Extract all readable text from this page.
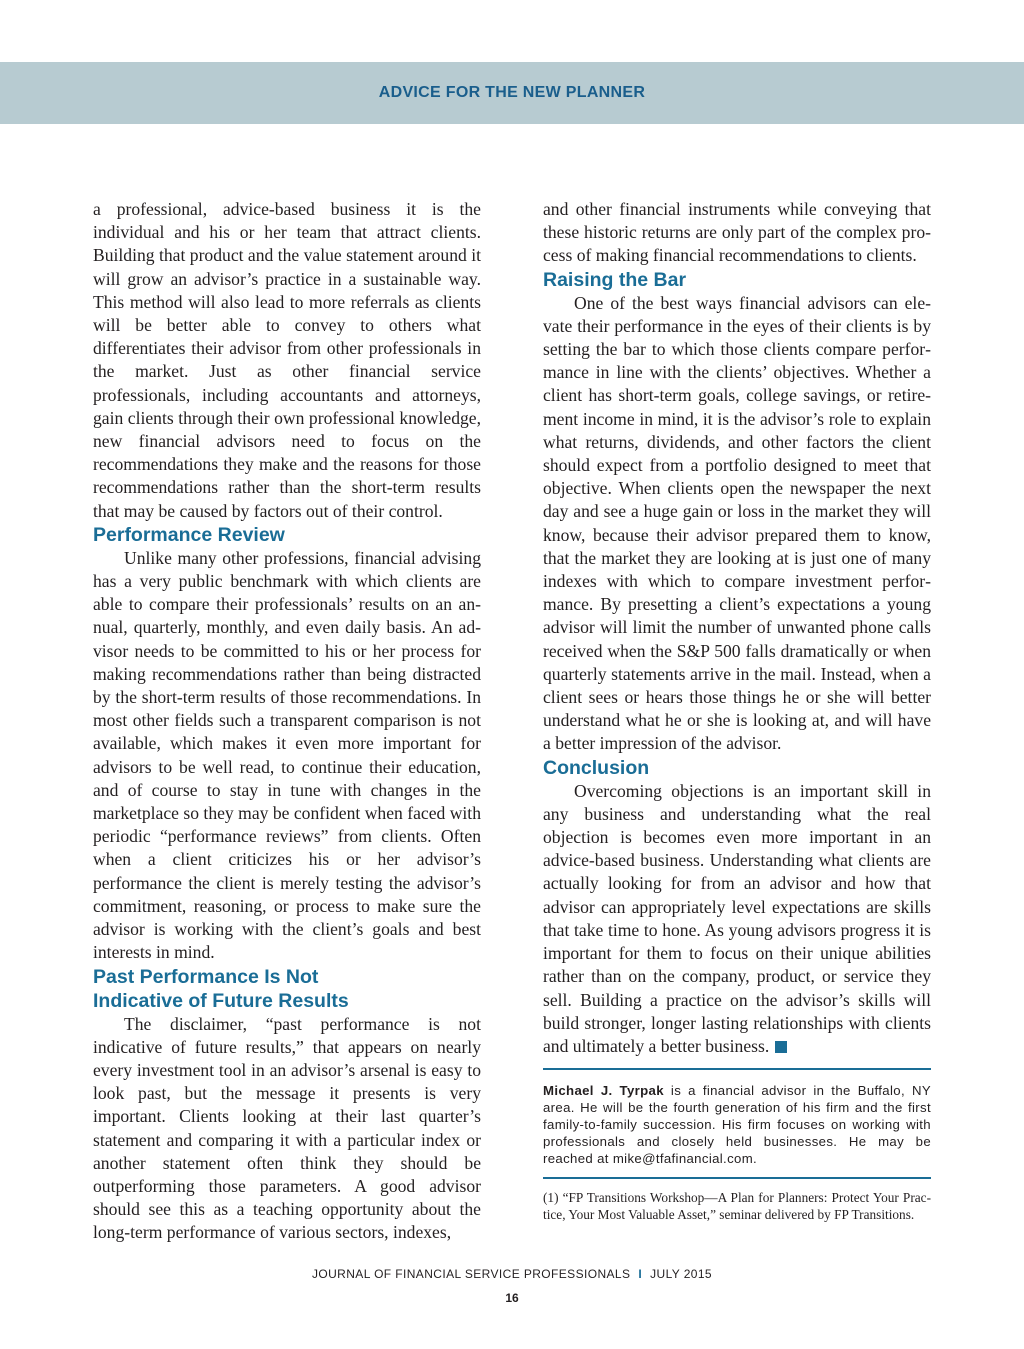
ADVICE FOR THE NEW PLANNER

a professional, advice-based business it is the individual and his or her team that attract clients. Building that product and the value statement around it will grow an advisor’s practice in a sustainable way. This method will also lead to more referrals as clients will be better able to convey to others what differentiates their advisor from other professionals in the market. Just as other financial service professionals, including accountants and attorneys, gain clients through their own professional knowledge, new financial advisors need to focus on the recommendations they make and the reasons for those recommendations rather than the short-term results that may be caused by factors out of their control.

Performance Review

Unlike many other professions, financial advising has a very public benchmark with which clients are able to compare their professionals’ results on an annual, quarterly, monthly, and even daily basis. An advisor needs to be committed to his or her process for making recommendations rather than being distracted by the short-term results of those recommendations. In most other fields such a transparent comparison is not available, which makes it even more important for advisors to be well read, to continue their education, and of course to stay in tune with changes in the marketplace so they may be confident when faced with periodic “performance reviews” from clients. Often when a client criticizes his or her advisor’s performance the client is merely testing the advisor’s commitment, reasoning, or process to make sure the advisor is working with the client’s goals and best interests in mind.

Past Performance Is Not
Indicative of Future Results

The disclaimer, “past performance is not indicative of future results,” that appears on nearly every investment tool in an advisor’s arsenal is easy to look past, but the message it presents is very important. Clients looking at their last quarter’s statement and comparing it with a particular index or another statement often think they should be outperforming those parameters. A good advisor should see this as a teaching opportunity about the long-term performance of various sectors, indexes,

and other financial instruments while conveying that these historic returns are only part of the complex process of making financial recommendations to clients.

Raising the Bar

One of the best ways financial advisors can elevate their performance in the eyes of their clients is by setting the bar to which those clients compare performance in line with the clients’ objectives. Whether a client has short-term goals, college savings, or retirement income in mind, it is the advisor’s role to explain what returns, dividends, and other factors the client should expect from a portfolio designed to meet that objective. When clients open the newspaper the next day and see a huge gain or loss in the market they will know, because their advisor prepared them to know, that the market they are looking at is just one of many indexes with which to compare investment performance. By presetting a client’s expectations a young advisor will limit the number of unwanted phone calls received when the S&P 500 falls dramatically or when quarterly statements arrive in the mail. Instead, when a client sees or hears those things he or she will better understand what he or she is looking at, and will have a better impression of the advisor.

Conclusion

Overcoming objections is an important skill in any business and understanding what the real objection is becomes even more important in an advice-based business. Understanding what clients are actually looking for from an advisor and how that advisor can appropriately level expectations are skills that take time to hone. As young advisors progress it is important for them to focus on their unique abilities rather than on the company, product, or service they sell. Building a practice on the advisor’s skills will build stronger, longer lasting relationships with clients and ultimately a better business.

Michael J. Tyrpak is a financial advisor in the Buffalo, NY area. He will be the fourth generation of his firm and the first family-to-family succession. His firm focuses on working with professionals and closely held businesses. He may be reached at mike@tfafinancial.com.
(1) “FP Transitions Workshop—A Plan for Planners: Protect Your Practice, Your Most Valuable Asset,” seminar delivered by FP Transitions.
JOURNAL OF FINANCIAL SERVICE PROFESSIONALS I JULY 2015
16
